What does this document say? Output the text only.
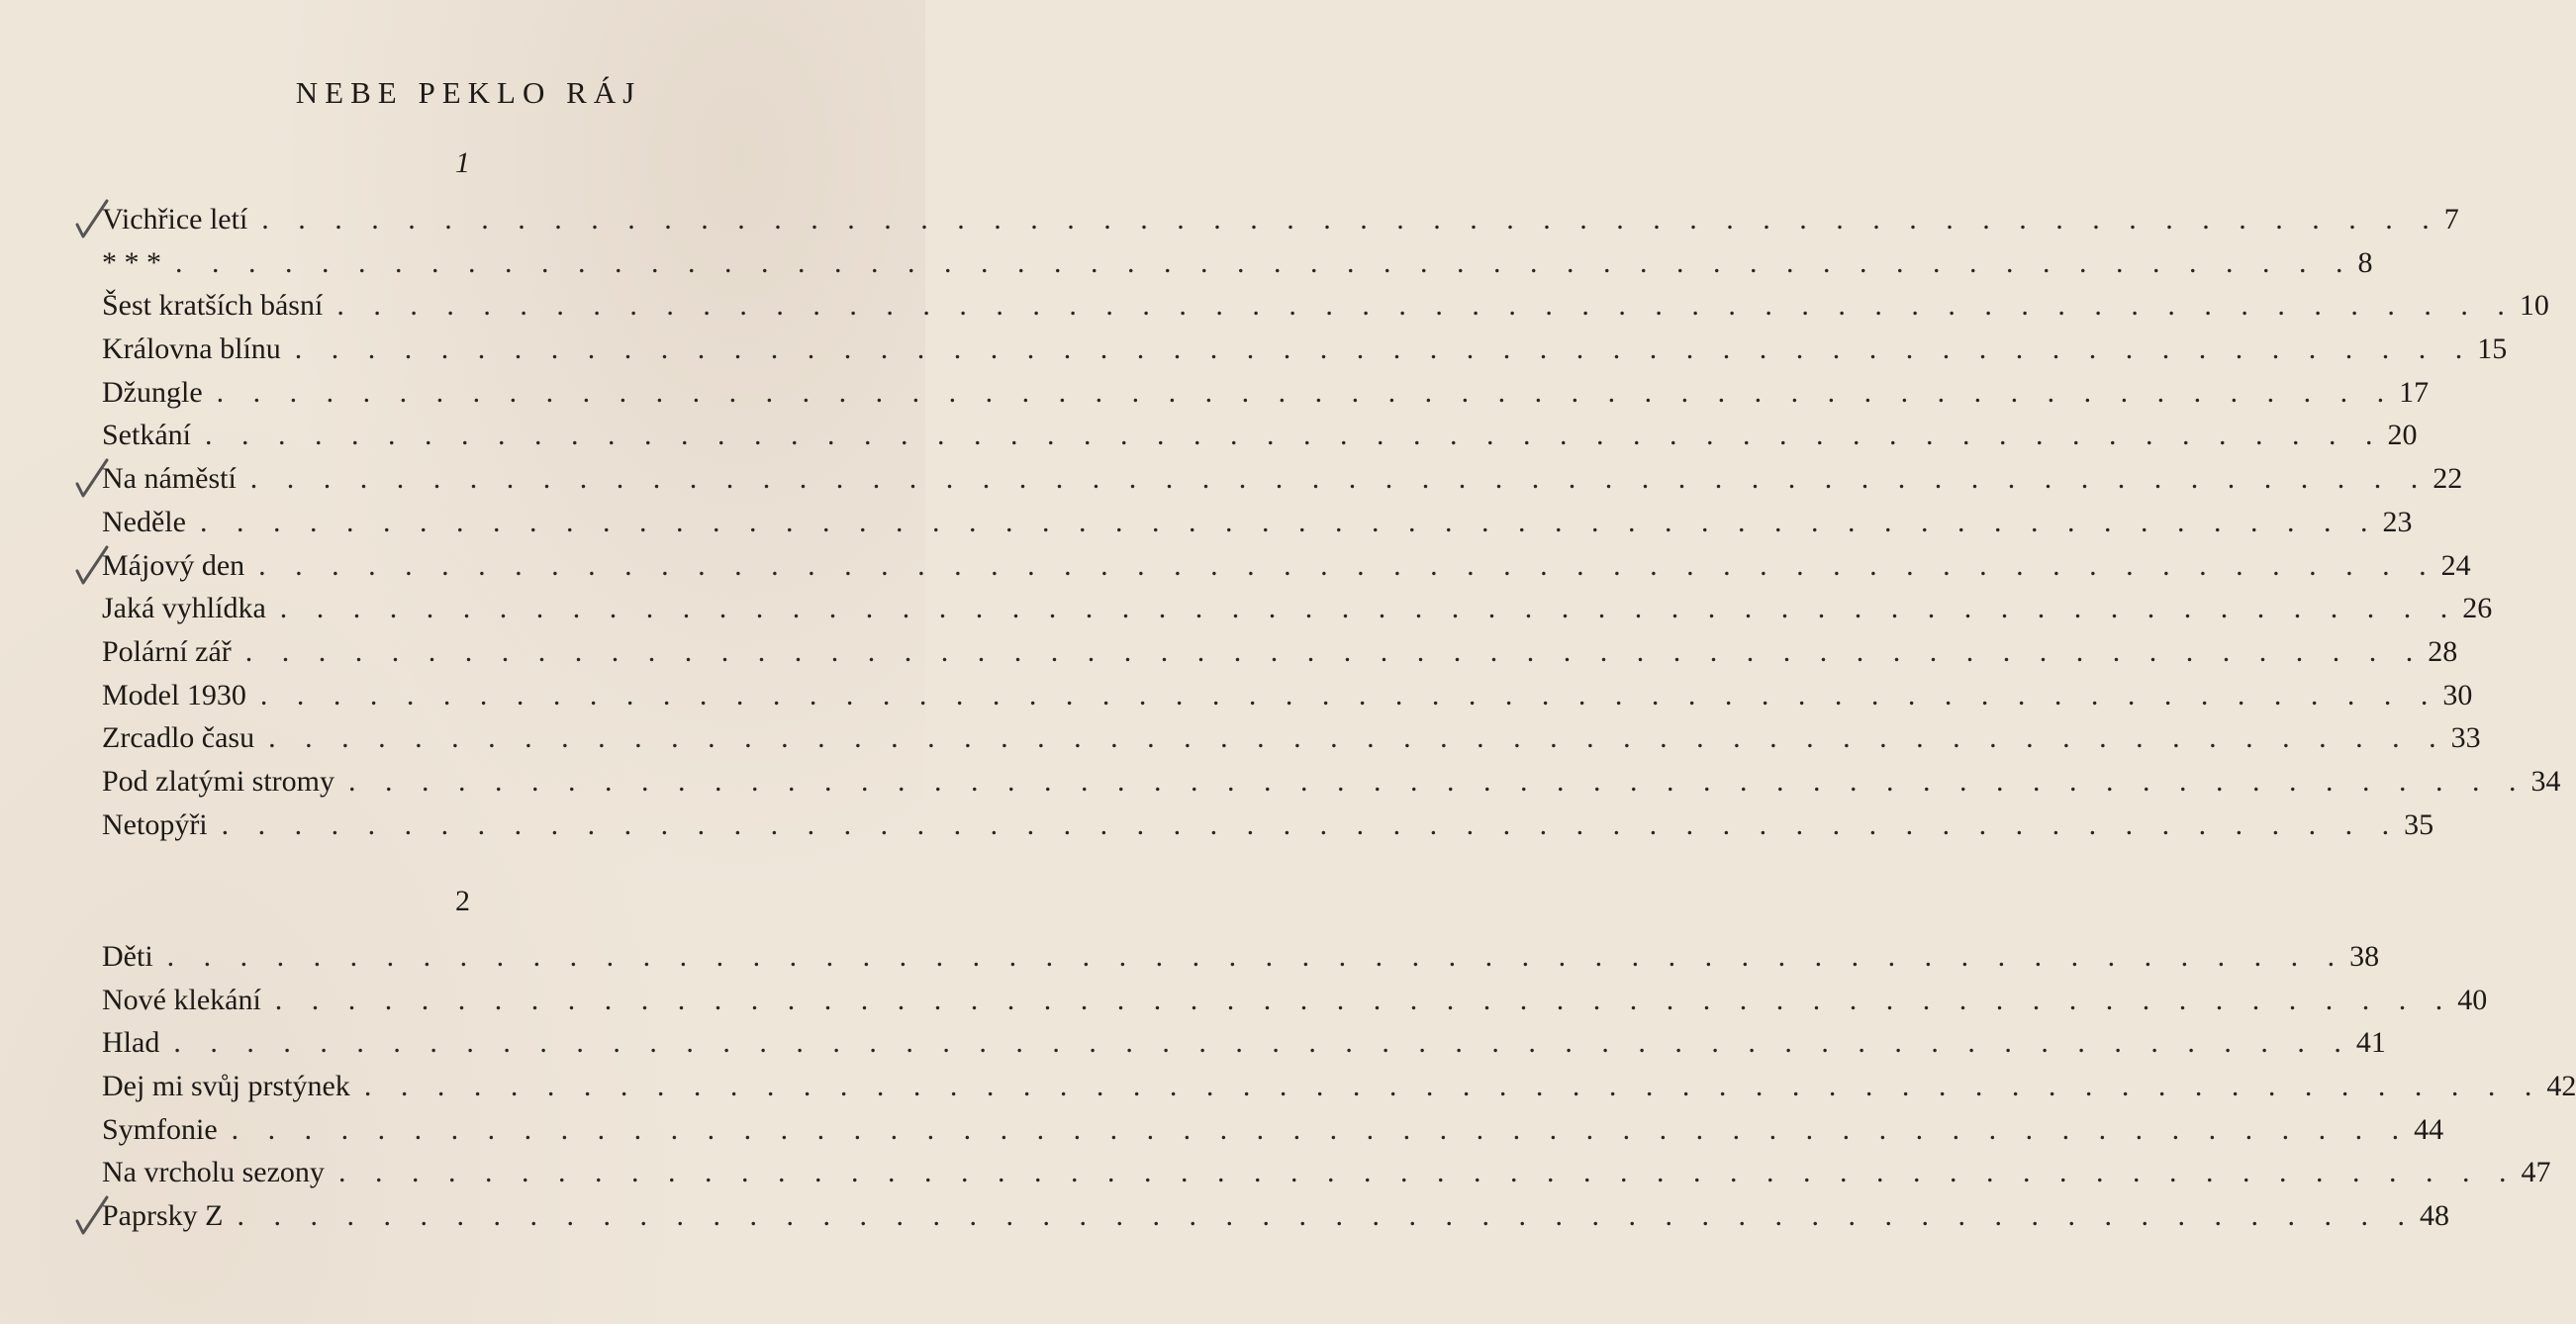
NEBE PEKLO RÁJ
1
Vichřice letí . . . . . . . . . . . . . . . . . . . . . . . . . . . . . . . . . . . . . . . . . . . . . . . . . . . . . . . . . . . . 7
* * * . . . . . . . . . . . . . . . . . . . . . . . . . . . . . . . . . . . . . . . . . . . . . . . . . . . . . . . . . . . . 8
Šest kratších básní . . . . . . . . . . . . . . . . . . . . . . . . . . . . . . . . . . . . . . . . . . . . . . . . . . . . . . . . . . . . 10
Královna blínu . . . . . . . . . . . . . . . . . . . . . . . . . . . . . . . . . . . . . . . . . . . . . . . . . . . . . . . . . . . . 15
Džungle . . . . . . . . . . . . . . . . . . . . . . . . . . . . . . . . . . . . . . . . . . . . . . . . . . . . . . . . . . . . 17
Setkání . . . . . . . . . . . . . . . . . . . . . . . . . . . . . . . . . . . . . . . . . . . . . . . . . . . . . . . . . . . . 20
Na náměstí . . . . . . . . . . . . . . . . . . . . . . . . . . . . . . . . . . . . . . . . . . . . . . . . . . . . . . . . . . . . 22
Neděle . . . . . . . . . . . . . . . . . . . . . . . . . . . . . . . . . . . . . . . . . . . . . . . . . . . . . . . . . . . . 23
Májový den . . . . . . . . . . . . . . . . . . . . . . . . . . . . . . . . . . . . . . . . . . . . . . . . . . . . . . . . . . . . 24
Jaká vyhlídka . . . . . . . . . . . . . . . . . . . . . . . . . . . . . . . . . . . . . . . . . . . . . . . . . . . . . . . . . . . . 26
Polární zář . . . . . . . . . . . . . . . . . . . . . . . . . . . . . . . . . . . . . . . . . . . . . . . . . . . . . . . . . . . . 28
Model 1930 . . . . . . . . . . . . . . . . . . . . . . . . . . . . . . . . . . . . . . . . . . . . . . . . . . . . . . . . . . . . 30
Zrcadlo času . . . . . . . . . . . . . . . . . . . . . . . . . . . . . . . . . . . . . . . . . . . . . . . . . . . . . . . . . . . . 33
Pod zlatými stromy . . . . . . . . . . . . . . . . . . . . . . . . . . . . . . . . . . . . . . . . . . . . . . . . . . . . . . . . . . . . 34
Netopýři . . . . . . . . . . . . . . . . . . . . . . . . . . . . . . . . . . . . . . . . . . . . . . . . . . . . . . . . . . . . 35
2
Děti . . . . . . . . . . . . . . . . . . . . . . . . . . . . . . . . . . . . . . . . . . . . . . . . . . . . . . . . . . . . 38
Nové klekání . . . . . . . . . . . . . . . . . . . . . . . . . . . . . . . . . . . . . . . . . . . . . . . . . . . . . . . . . . . . 40
Hlad . . . . . . . . . . . . . . . . . . . . . . . . . . . . . . . . . . . . . . . . . . . . . . . . . . . . . . . . . . . . 41
Dej mi svůj prstýnek . . . . . . . . . . . . . . . . . . . . . . . . . . . . . . . . . . . . . . . . . . . . . . . . . . . . . . . . . . . . 42
Symfonie . . . . . . . . . . . . . . . . . . . . . . . . . . . . . . . . . . . . . . . . . . . . . . . . . . . . . . . . . . . . 44
Na vrcholu sezony . . . . . . . . . . . . . . . . . . . . . . . . . . . . . . . . . . . . . . . . . . . . . . . . . . . . . . . . . . . . 47
Paprsky Z . . . . . . . . . . . . . . . . . . . . . . . . . . . . . . . . . . . . . . . . . . . . . . . . . . . . . . . . . . . . 48
